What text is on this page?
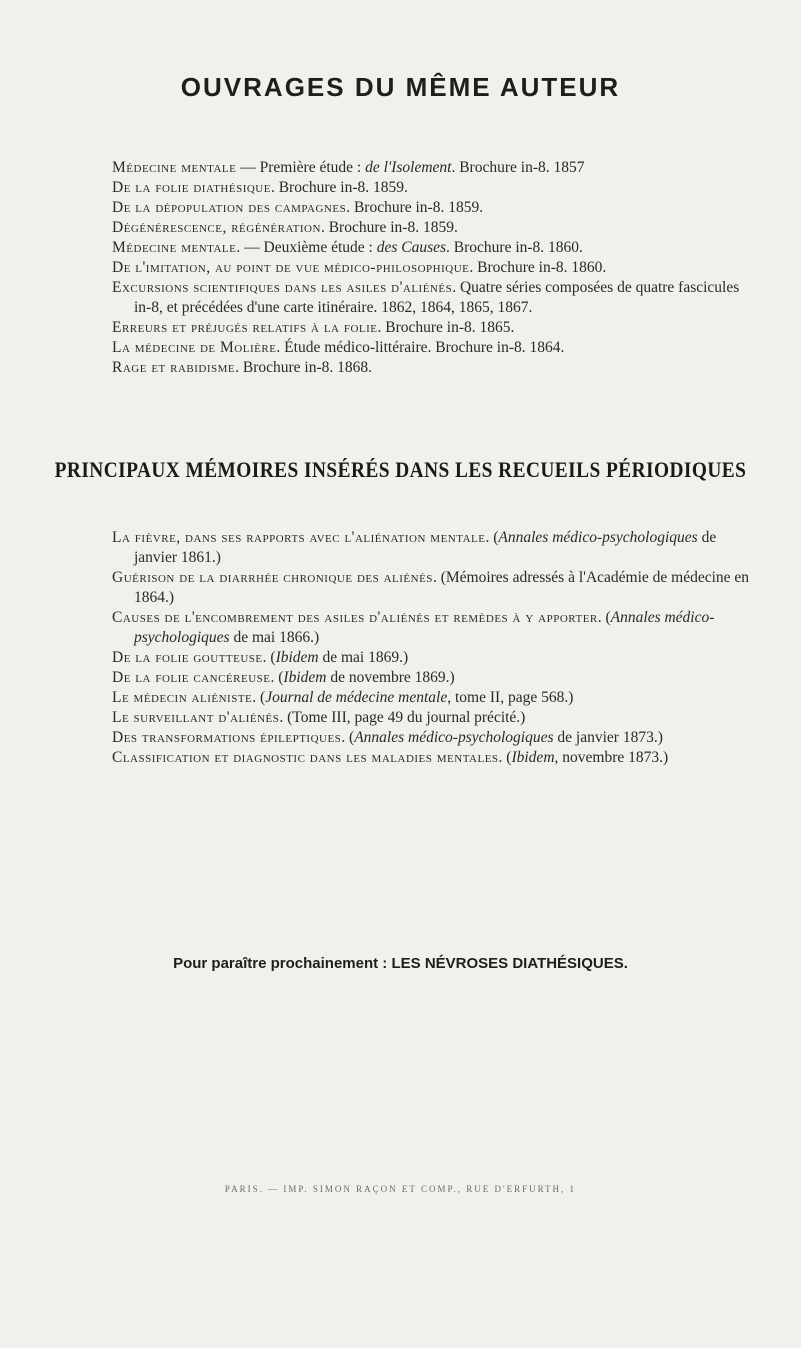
OUVRAGES DU MÊME AUTEUR
Médecine mentale — Première étude : de l'Isolement. Brochure in-8. 1857
De la folie diathésique. Brochure in-8. 1859.
De la dépopulation des campagnes. Brochure in-8. 1859.
Dégénérescence, régénération. Brochure in-8. 1859.
Médecine mentale. — Deuxième étude : des Causes. Brochure in-8. 1860.
De l'imitation, au point de vue médico-philosophique. Brochure in-8. 1860.
Excursions scientifiques dans les asiles d'aliénés. Quatre séries composées de quatre fascicules in-8, et précédées d'une carte itinéraire. 1862, 1864, 1865, 1867.
Erreurs et préjugés relatifs à la folie. Brochure in-8. 1865.
La médecine de Molière. Étude médico-littéraire. Brochure in-8. 1864.
Rage et rabidisme. Brochure in-8. 1868.
PRINCIPAUX MÉMOIRES INSÉRÉS DANS LES RECUEILS PÉRIODIQUES
La fièvre, dans ses rapports avec l'aliénation mentale. (Annales médico-psychologiques de janvier 1861.)
Guérison de la diarrhée chronique des aliénés. (Mémoires adressés à l'Académie de médecine en 1864.)
Causes de l'encombrement des asiles d'aliénés et remèdes à y apporter. (Annales médico-psychologiques de mai 1866.)
De la folie goutteuse. (Ibidem de mai 1869.)
De la folie cancéreuse. (Ibidem de novembre 1869.)
Le médecin aliéniste. (Journal de médecine mentale, tome II, page 568.)
Le surveillant d'aliénés. (Tome III, page 49 du journal précité.)
Des transformations épileptiques. (Annales médico-psychologiques de janvier 1873.)
Classification et diagnostic dans les maladies mentales. (Ibidem, novembre 1873.)
Pour paraître prochainement : LES NÉVROSES DIATHÉSIQUES.
PARIS. — IMP. SIMON RAÇON ET COMP., RUE D'ERFURTH, 1
